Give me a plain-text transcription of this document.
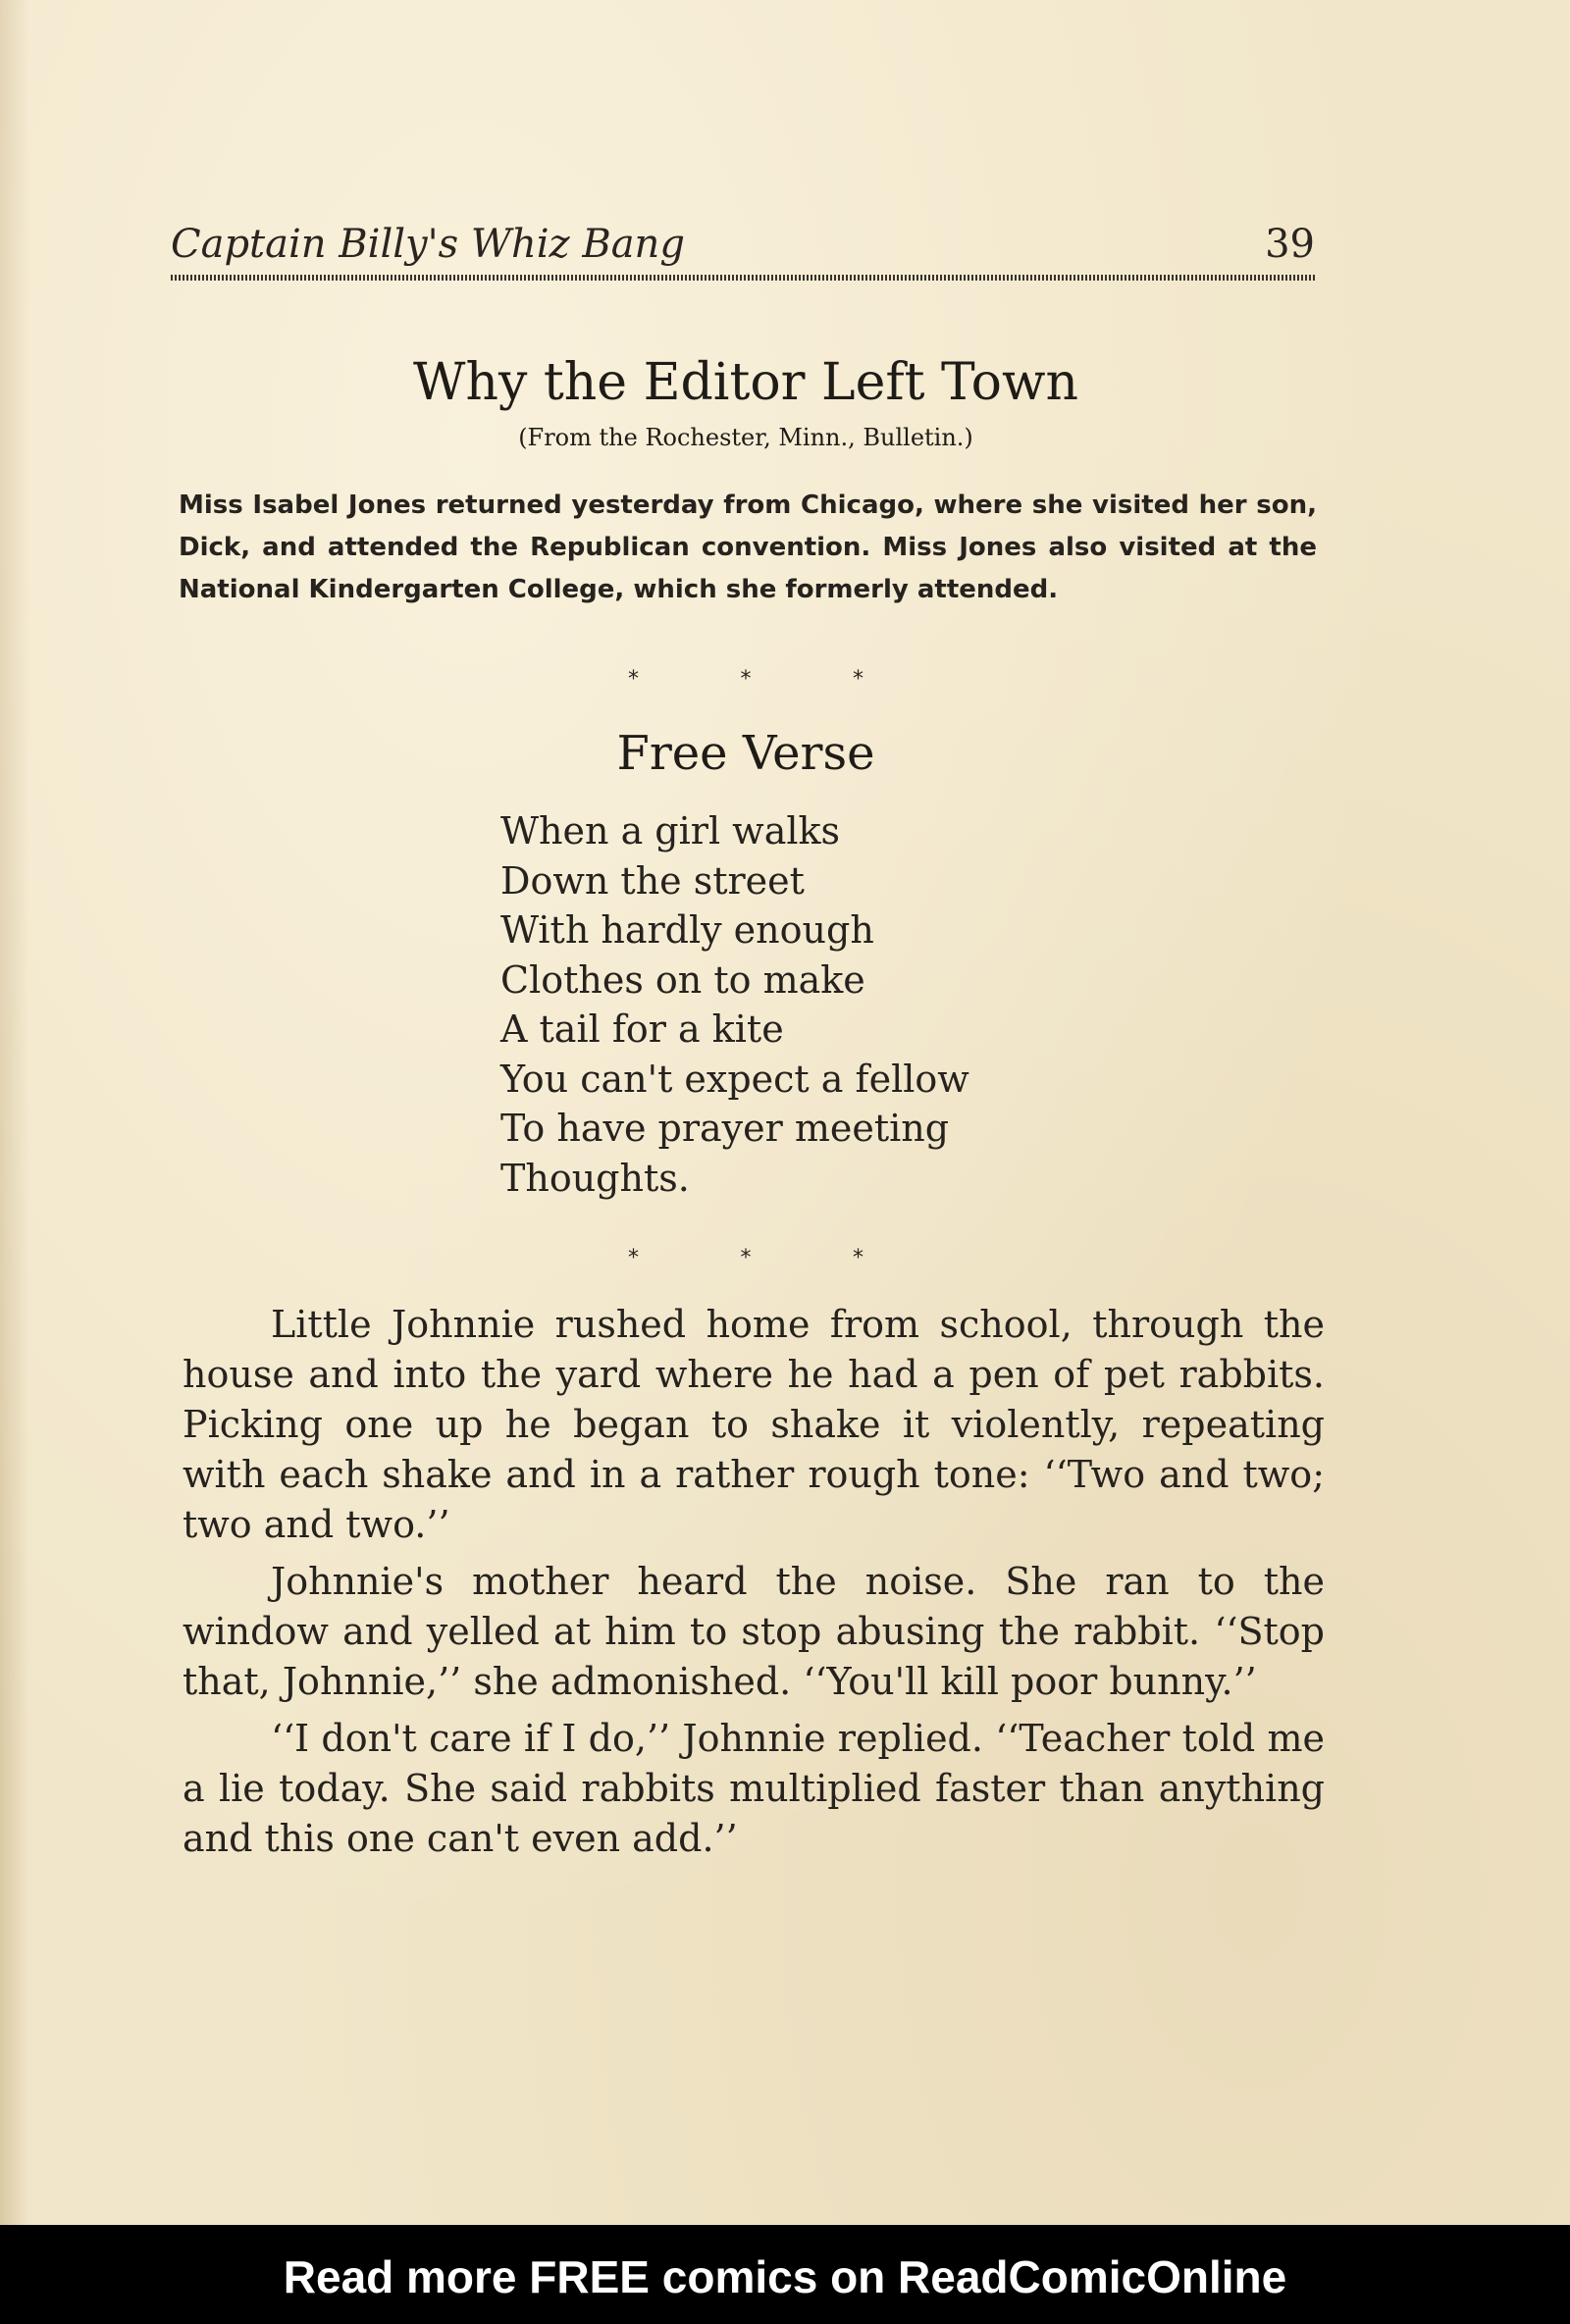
Captain Billy's Whiz Bang	39
Why the Editor Left Town
(From the Rochester, Minn., Bulletin.)
Miss Isabel Jones returned yesterday from Chicago, where she visited her son, Dick, and attended the Republican convention. Miss Jones also visited at the National Kindergarten College, which she formerly attended.
*	*	*
Free Verse
When a girl walks
Down the street
With hardly enough
Clothes on to make
A tail for a kite
You can't expect a fellow
To have prayer meeting
Thoughts.
*	*	*

Little Johnnie rushed home from school, through the house and into the yard where he had a pen of pet rabbits. Picking one up he began to shake it violently, repeating with each shake and in a rather rough tone: ‘‘Two and two; two and two.’’

Johnnie's mother heard the noise. She ran to the window and yelled at him to stop abusing the rabbit. ‘‘Stop that, Johnnie,’’ she admonished. ‘‘You'll kill poor bunny.’’

‘‘I don't care if I do,’’ Johnnie replied. ‘‘Teacher told me a lie today. She said rabbits multiplied faster than anything and this one can't even add.’’

Read more FREE comics on ReadComicOnline
